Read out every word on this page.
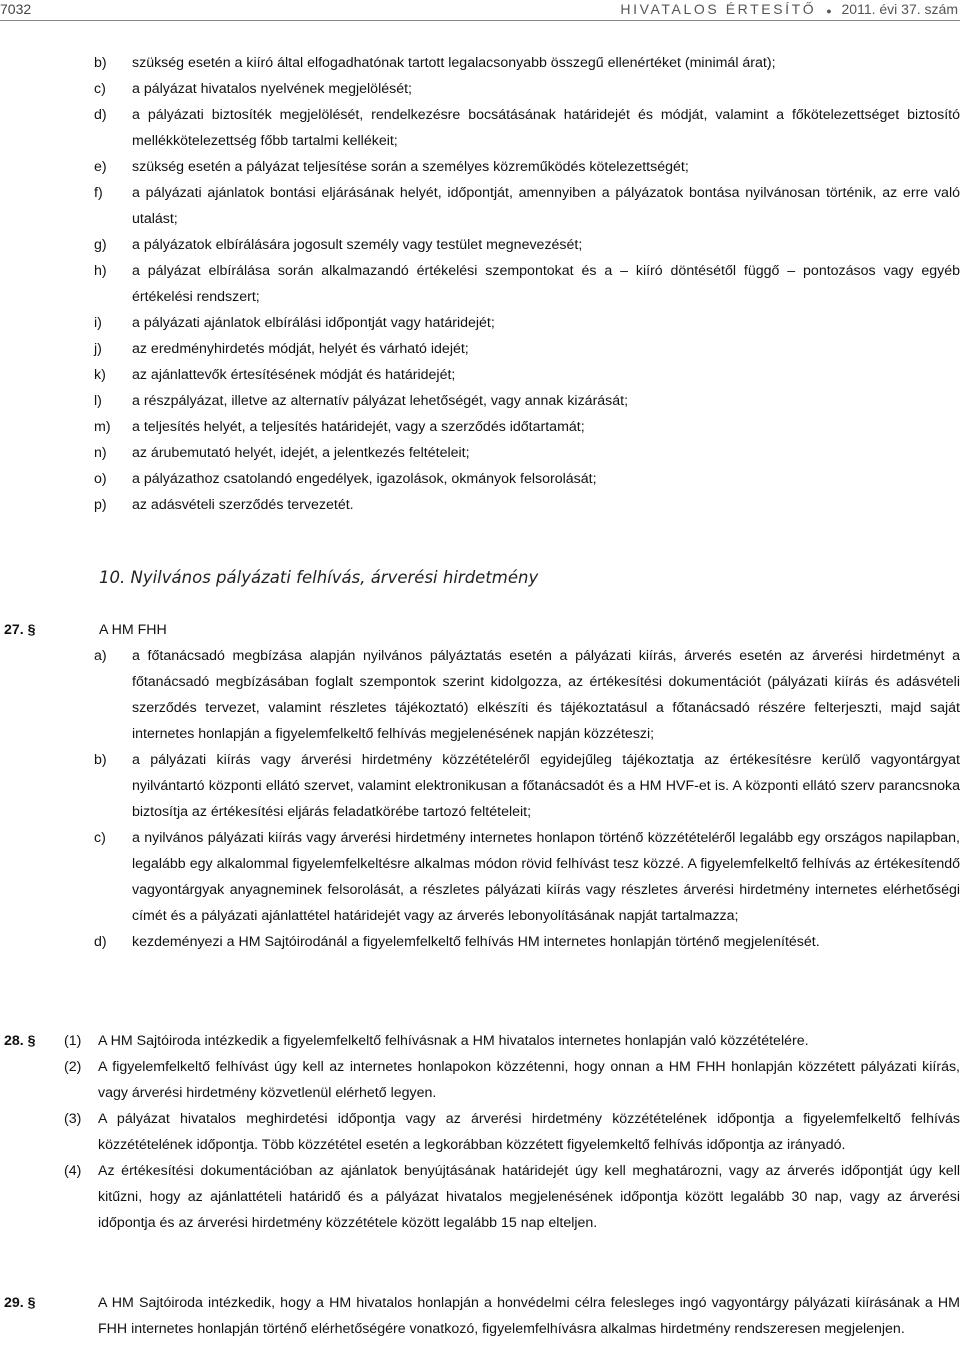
7032	HIVATALOS ÉRTESÍTŐ ● 2011. évi 37. szám
b) szükség esetén a kiíró által elfogadhatónak tartott legalacsonyabb összegű ellenértéket (minimál árat);
c) a pályázat hivatalos nyelvének megjelölését;
d) a pályázati biztosíték megjelölését, rendelkezésre bocsátásának határidejét és módját, valamint a főkötelezettséget biztosító mellékkötelezettség főbb tartalmi kellékeit;
e) szükség esetén a pályázat teljesítése során a személyes közreműködés kötelezettségét;
f) a pályázati ajánlatok bontási eljárásának helyét, időpontját, amennyiben a pályázatok bontása nyilvánosan történik, az erre való utalást;
g) a pályázatok elbírálására jogosult személy vagy testület megnevezését;
h) a pályázat elbírálása során alkalmazandó értékelési szempontokat és a – kiíró döntésétől függő – pontozásos vagy egyéb értékelési rendszert;
i) a pályázati ajánlatok elbírálási időpontját vagy határidejét;
j) az eredményhirdetés módját, helyét és várható idejét;
k) az ajánlattevők értesítésének módját és határidejét;
l) a részpályázat, illetve az alternatív pályázat lehetőségét, vagy annak kizárását;
m) a teljesítés helyét, a teljesítés határidejét, vagy a szerződés időtartamát;
n) az árubemutató helyét, idejét, a jelentkezés feltételeit;
o) a pályázathoz csatolandó engedélyek, igazolások, okmányok felsorolását;
p) az adásvételi szerződés tervezetét.
10. Nyilvános pályázati felhívás, árverési hirdetmény
27. §	A HM FHH
a) a főtanácsadó megbízása alapján nyilvános pályáztatás esetén a pályázati kiírás, árverés esetén az árverési hirdetményt a főtanácsadó megbízásában foglalt szempontok szerint kidolgozza, az értékesítési dokumentációt (pályázati kiírás és adásvételi szerződés tervezet, valamint részletes tájékoztató) elkészíti és tájékoztatásul a főtanácsadó részére felterjeszti, majd saját internetes honlapján a figyelemfelkeltő felhívás megjelenésének napján közzéteszi;
b) a pályázati kiírás vagy árverési hirdetmény közzétételéről egyidejűleg tájékoztatja az értékesítésre kerülő vagyontárgyat nyilvántartó központi ellátó szervet, valamint elektronikusan a főtanácsadót és a HM HVF-et is. A központi ellátó szerv parancsnoka biztosítja az értékesítési eljárás feladatkörébe tartozó feltételeit;
c) a nyilvános pályázati kiírás vagy árverési hirdetmény internetes honlapon történő közzétételéről legalább egy országos napilapban, legalább egy alkalommal figyelemfelkeltésre alkalmas módon rövid felhívást tesz közzé. A figyelemfelkeltő felhívás az értékesítendő vagyontárgyak anyagneminek felsorolását, a részletes pályázati kiírás vagy részletes árverési hirdetmény internetes elérhetőségi címét és a pályázati ajánlattétel határidejét vagy az árverés lebonyolításának napját tartalmazza;
d) kezdeményezi a HM Sajtóirodánál a figyelemfelkeltő felhívás HM internetes honlapján történő megjelenítését.
28. § (1) A HM Sajtóiroda intézkedik a figyelemfelkeltő felhívásnak a HM hivatalos internetes honlapján való közzétételére.
(2) A figyelemfelkeltő felhívást úgy kell az internetes honlapokon közzétenni, hogy onnan a HM FHH honlapján közzétett pályázati kiírás, vagy árverési hirdetmény közvetlenül elérhető legyen.
(3) A pályázat hivatalos meghirdetési időpontja vagy az árverési hirdetmény közzétételének időpontja a figyelemfelkeltő felhívás közzétételének időpontja. Több közzététel esetén a legkorábban közzétett figyelemkeltő felhívás időpontja az irányadó.
(4) Az értékesítési dokumentációban az ajánlatok benyújtásának határidejét úgy kell meghatározni, vagy az árverés időpontját úgy kell kitűzni, hogy az ajánlattételi határidő és a pályázat hivatalos megjelenésének időpontja között legalább 30 nap, vagy az árverési időpontja és az árverési hirdetmény közzététele között legalább 15 nap elteljen.
29. §	A HM Sajtóiroda intézkedik, hogy a HM hivatalos honlapján a honvédelmi célra felesleges ingó vagyontárgy pályázati kiírásának a HM FHH internetes honlapján történő elérhetőségére vonatkozó, figyelemfelhívásra alkalmas hirdetmény rendszeresen megjelenjen.
